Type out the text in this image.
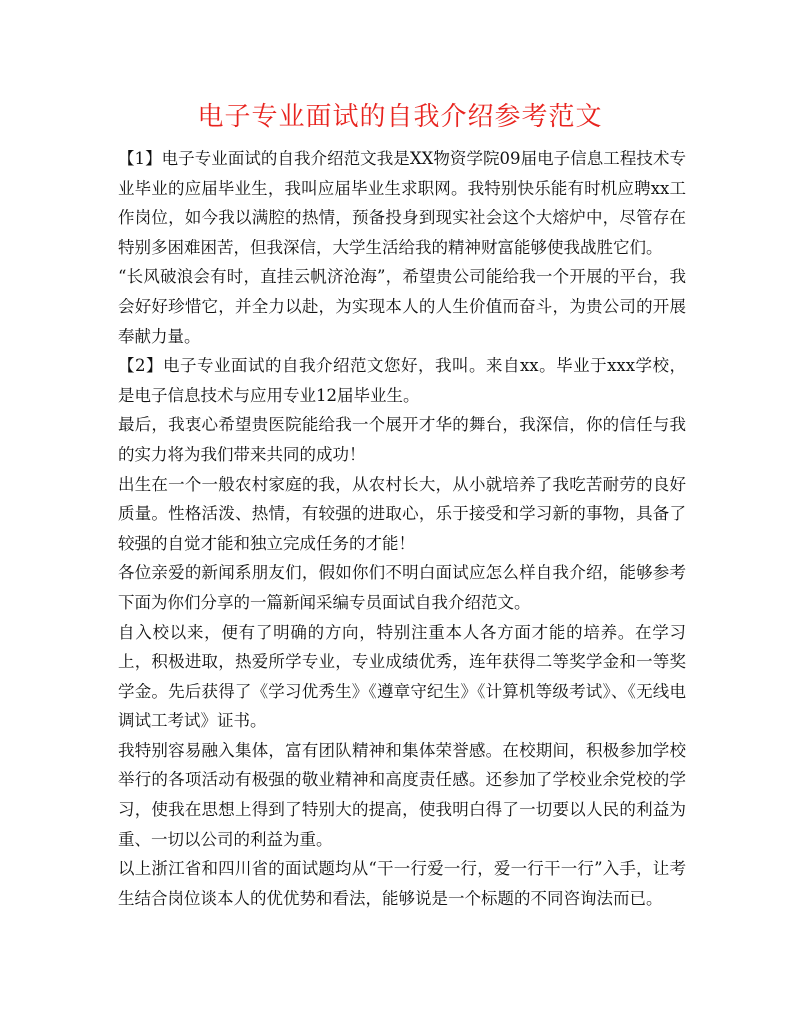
电子专业面试的自我介绍参考范文

【1】电子专业面试的自我介绍范文我是XX物资学院09届电子信息工程技术专业毕业的应届毕业生，我叫应届毕业生求职网。我特别快乐能有时机应聘xx工作岗位，如今我以满腔的热情，预备投身到现实社会这个大熔炉中，尽管存在特别多困难困苦，但我深信，大学生活给我的精神财富能够使我战胜它们。

“长风破浪会有时，直挂云帆济沧海”，希望贵公司能给我一个开展的平台，我会好好珍惜它，并全力以赴，为实现本人的人生价值而奋斗，为贵公司的开展奉献力量。

【2】电子专业面试的自我介绍范文您好，我叫。来自xx。毕业于xxx学校，是电子信息技术与应用专业12届毕业生。

最后，我衷心希望贵医院能给我一个展开才华的舞台，我深信，你的信任与我的实力将为我们带来共同的成功！

出生在一个一般农村家庭的我，从农村长大，从小就培养了我吃苦耐劳的良好质量。性格活泼、热情，有较强的进取心，乐于接受和学习新的事物，具备了较强的自觉才能和独立完成任务的才能！

各位亲爱的新闻系朋友们，假如你们不明白面试应怎么样自我介绍，能够参考下面为你们分享的一篇新闻采编专员面试自我介绍范文。

自入校以来，便有了明确的方向，特别注重本人各方面才能的培养。在学习上，积极进取，热爱所学专业，专业成绩优秀，连年获得二等奖学金和一等奖学金。先后获得了《学习优秀生》《遵章守纪生》《计算机等级考试》、《无线电调试工考试》证书。

我特别容易融入集体，富有团队精神和集体荣誉感。在校期间，积极参加学校举行的各项活动有极强的敬业精神和高度责任感。还参加了学校业余党校的学习，使我在思想上得到了特别大的提高，使我明白得了一切要以人民的利益为重、一切以公司的利益为重。

以上浙江省和四川省的面试题均从“干一行爱一行，爱一行干一行”入手，让考生结合岗位谈本人的优优势和看法，能够说是一个标题的不同咨询法而已。
